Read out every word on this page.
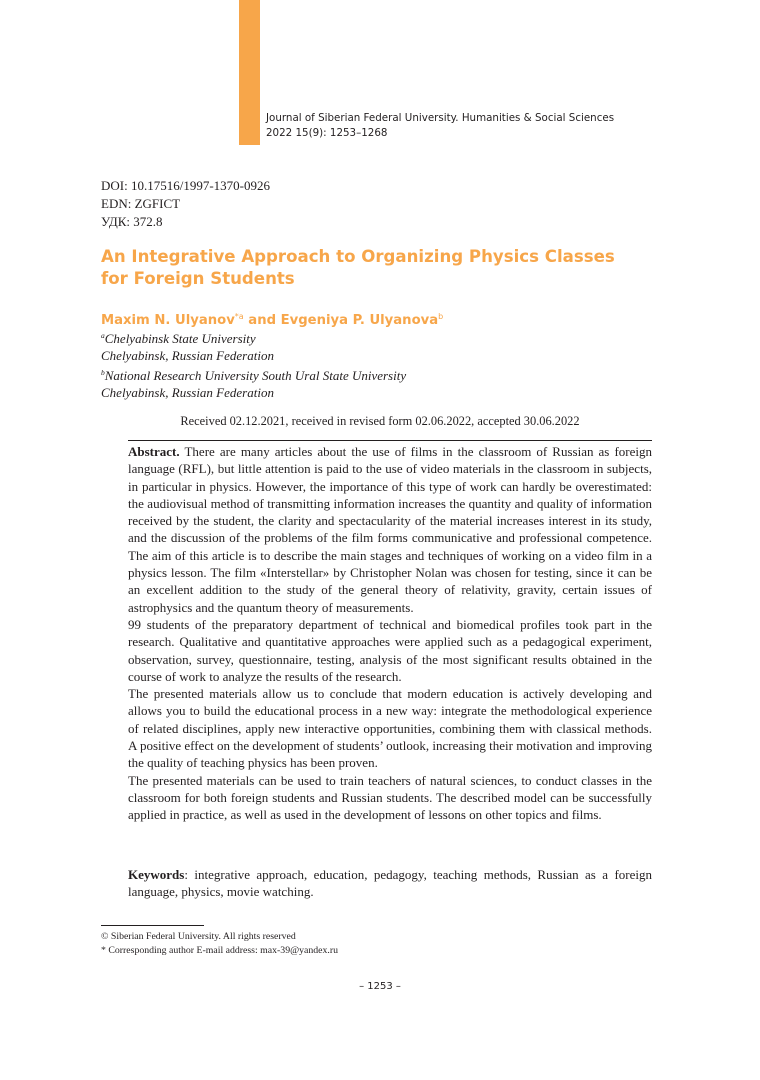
Journal of Siberian Federal University. Humanities & Social Sciences
2022 15(9): 1253–1268
DOI: 10.17516/1997-1370-0926
EDN: ZGFICT
УДК: 372.8
An Integrative Approach to Organizing Physics Classes for Foreign Students
Maxim N. Ulyanov$^{*a}$ and Evgeniya P. Ulyanova$^b$
$^a$Chelyabinsk State University
Chelyabinsk, Russian Federation
$^b$National Research University South Ural State University
Chelyabinsk, Russian Federation
Received 02.12.2021, received in revised form 02.06.2022, accepted 30.06.2022

Abstract. There are many articles about the use of films in the classroom of Russian as foreign language (RFL), but little attention is paid to the use of video materials in the classroom in subjects, in particular in physics. However, the importance of this type of work can hardly be overestimated: the audiovisual method of transmitting information increases the quantity and quality of information received by the student, the clarity and spectacularity of the material increases interest in its study, and the discussion of the problems of the film forms communicative and professional competence. The aim of this article is to describe the main stages and techniques of working on a video film in a physics lesson. The film «Interstellar» by Christopher Nolan was chosen for testing, since it can be an excellent addition to the study of the general theory of relativity, gravity, certain issues of astrophysics and the quantum theory of measurements.

99 students of the preparatory department of technical and biomedical profiles took part in the research. Qualitative and quantitative approaches were applied such as a pedagogical experiment, observation, survey, questionnaire, testing, analysis of the most significant results obtained in the course of work to analyze the results of the research.

The presented materials allow us to conclude that modern education is actively developing and allows you to build the educational process in a new way: integrate the methodological experience of related disciplines, apply new interactive opportunities, combining them with classical methods. A positive effect on the development of students’ outlook, increasing their motivation and improving the quality of teaching physics has been proven.

The presented materials can be used to train teachers of natural sciences, to conduct classes in the classroom for both foreign students and Russian students. The described model can be successfully applied in practice, as well as used in the development of lessons on other topics and films.

Keywords: integrative approach, education, pedagogy, teaching methods, Russian as a foreign language, physics, movie watching.
© Siberian Federal University. All rights reserved
* Corresponding author E-mail address: max-39@yandex.ru
– 1253 –
